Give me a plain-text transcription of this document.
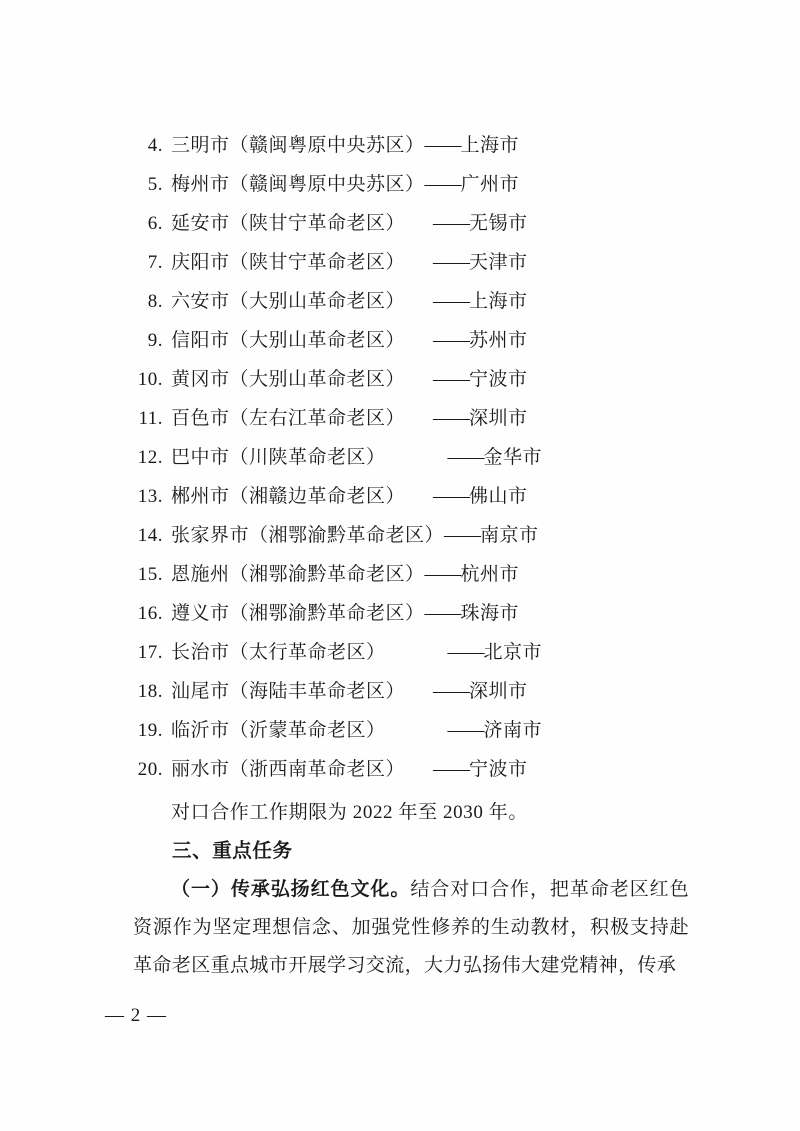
4. 三明市（赣闽粤原中央苏区） —— 上海市
5. 梅州市（赣闽粤原中央苏区） —— 广州市
6. 延安市（陕甘宁革命老区） —— 无锡市
7. 庆阳市（陕甘宁革命老区） —— 天津市
8. 六安市（大别山革命老区） —— 上海市
9. 信阳市（大别山革命老区） —— 苏州市
10. 黄冈市（大别山革命老区） —— 宁波市
11. 百色市（左右江革命老区） —— 深圳市
12. 巴中市（川陕革命老区）	—— 金华市
13. 郴州市（湘赣边革命老区） —— 佛山市
14. 张家界市（湘鄂渝黔革命老区） —— 南京市
15. 恩施州（湘鄂渝黔革命老区） —— 杭州市
16. 遵义市（湘鄂渝黔革命老区） —— 珠海市
17. 长治市（太行革命老区）	—— 北京市
18. 汕尾市（海陆丰革命老区） —— 深圳市
19. 临沂市（沂蒙革命老区）	—— 济南市
20. 丽水市（浙西南革命老区） —— 宁波市

对口合作工作期限为 2022 年至 2030 年。

三、重点任务

（一）传承弘扬红色文化。结合对口合作，把革命老区红色资源作为坚定理想信念、加强党性修养的生动教材，积极支持赴革命老区重点城市开展学习交流，大力弘扬伟大建党精神，传承

— 2 —
